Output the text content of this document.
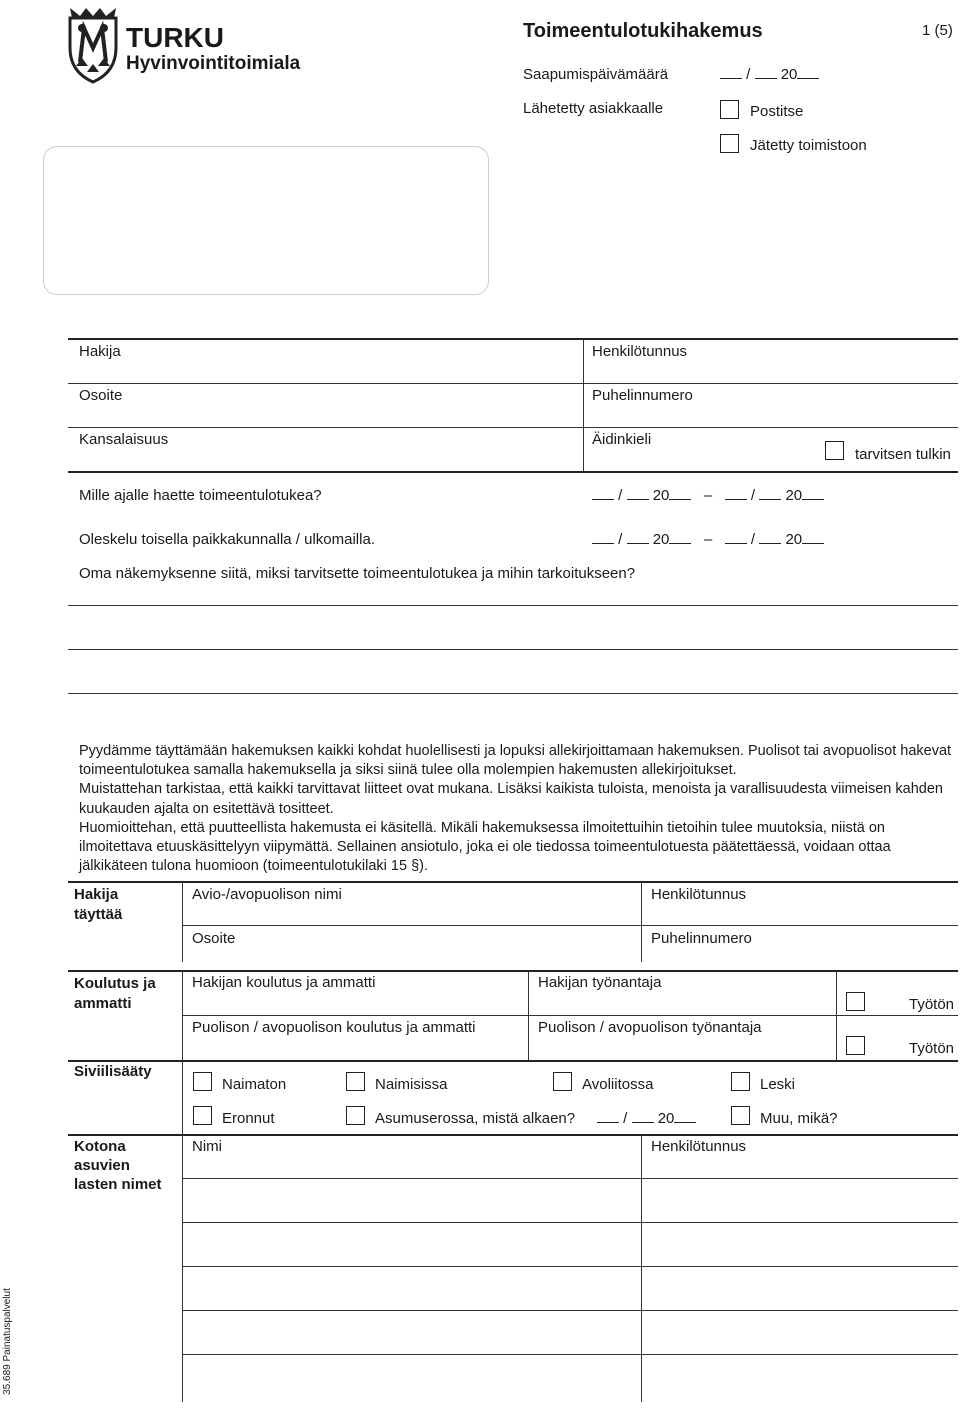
TURKU
Hyvinvointitoimiala
Toimeentulotukihakemus	1 (5)
Saapumispäivämäärä	/ 20
Lähetetty asiakkaalle	Postitse
Jätetty toimistoon
Hakija	Henkilötunnus
Osoite	Puhelinnumero
Kansalaisuus	Äidinkieli
tarvitsen tulkin
Mille ajalle haette toimeentulotukea?	/ 20 –	/ 20
Oleskelu toisella paikkakunnalla / ulkomailla.	/ 20 –	/ 20
Oma näkemyksenne siitä, miksi tarvitsette toimeentulotukea ja mihin tarkoitukseen?

Pyydämme täyttämään hakemuksen kaikki kohdat huolellisesti ja lopuksi allekirjoittamaan hakemuksen. Puolisot tai avopuolisot hakevat toimeentulotukea samalla hakemuksella ja siksi siinä tulee olla molempien hakemusten allekirjoitukset.

Muistattehan tarkistaa, että kaikki tarvittavat liitteet ovat mukana. Lisäksi kaikista tuloista, menoista ja varallisuudesta viimeisen kahden kuukauden ajalta on esitettävä tositteet.

Huomioittehan, että puutteellista hakemusta ei käsitellä. Mikäli hakemuksessa ilmoitettuihin tietoihin tulee muutoksia, niistä on ilmoitettava etuuskäsittelyyn viipymättä. Sellainen ansiotulo, joka ei ole tiedossa toimeentulotuesta päätettäessä, voidaan ottaa jälkikäteen tulona huomioon (toimeentulotukilaki 15 §).

Hakija
täyttää
Avio-/avopuolison nimi	Henkilötunnus
Osoite	Puhelinnumero
Koulutus ja
ammatti
Hakijan koulutus ja ammatti	Hakijan työnantaja
Työtön
Puolison / avopuolison koulutus ja ammatti	Puolison / avopuolison työnantaja
Työtön
Siviilisääty
Naimaton	Naimisissa	Avoliitossa	Leski
Eronnut	Asumuserossa, mistä alkaen?	/ 20	Muu, mikä?
Kotona
asuvien
lasten nimet
Nimi	Henkilötunnus
35.689 Painatuspalvelut
